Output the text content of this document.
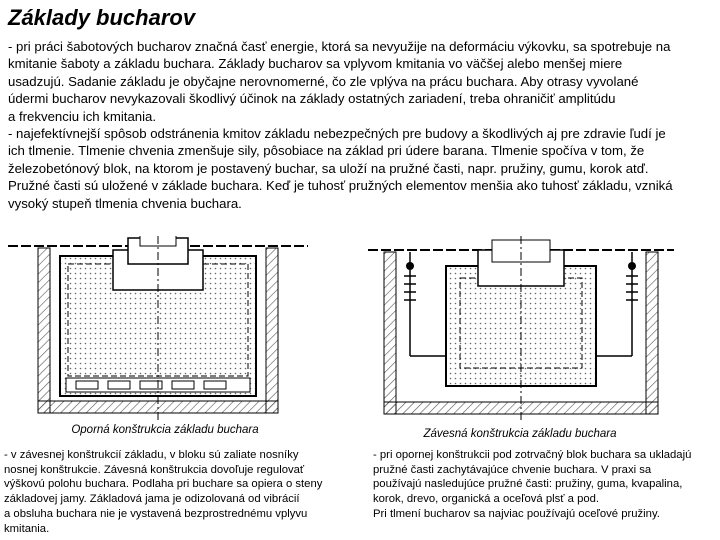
Základy bucharov
- pri práci šabotových bucharov značná časť energie, ktorá sa nevyužije na deformáciu výkovku, sa spotrebuje na
kmitanie šaboty a základu buchara. Základy bucharov sa vplyvom kmitania vo väčšej alebo menšej miere
usadzujú. Sadanie základu je obyčajne nerovnomerné, čo zle vplýva na prácu buchara. Aby otrasy vyvolané
údermi bucharov nevykazovali škodlivý účinok na základy ostatných zariadení, treba ohraničiť amplitúdu
a frekvenciu ich kmitania.
- najefektívnejší spôsob odstránenia kmitov základu nebezpečných pre budovy a škodlivých aj pre zdravie ľudí je
ich tlmenie. Tlmenie chvenia zmenšuje sily, pôsobiace na základ pri údere barana. Tlmenie spočíva v tom, že
železobetónový blok, na ktorom je postavený buchar, sa uloží na pružné časti, napr. pružiny, gumu, korok atď.
Pružné časti sú uložené v základe buchara. Keď je tuhosť pružných elementov menšia ako tuhosť základu, vzniká
vysoký stupeň tlmenia chvenia buchara.
Oporná konštrukcia základu buchara	Závesná konštrukcia základu buchara
- v závesnej konštrukcií základu, v bloku sú zaliate nosníky
nosnej konštrukcie. Závesná konštrukcia dovoľuje regulovať
výškovú polohu buchara. Podlaha pri buchare sa opiera o steny
základovej jamy. Základová jama je odizolovaná od vibrácií
a obsluha buchara nie je vystavená bezprostrednému vplyvu
kmitania.
- pri opornej konštrukcii pod zotrvačný blok buchara sa ukladajú
pružné časti zachytávajúce chvenie buchara. V praxi sa
používajú nasledujúce pružné časti: pružiny, guma, kvapalina,
korok, drevo, organická a oceľová plsť a pod.
Pri tlmení bucharov sa najviac používajú oceľové pružiny.
